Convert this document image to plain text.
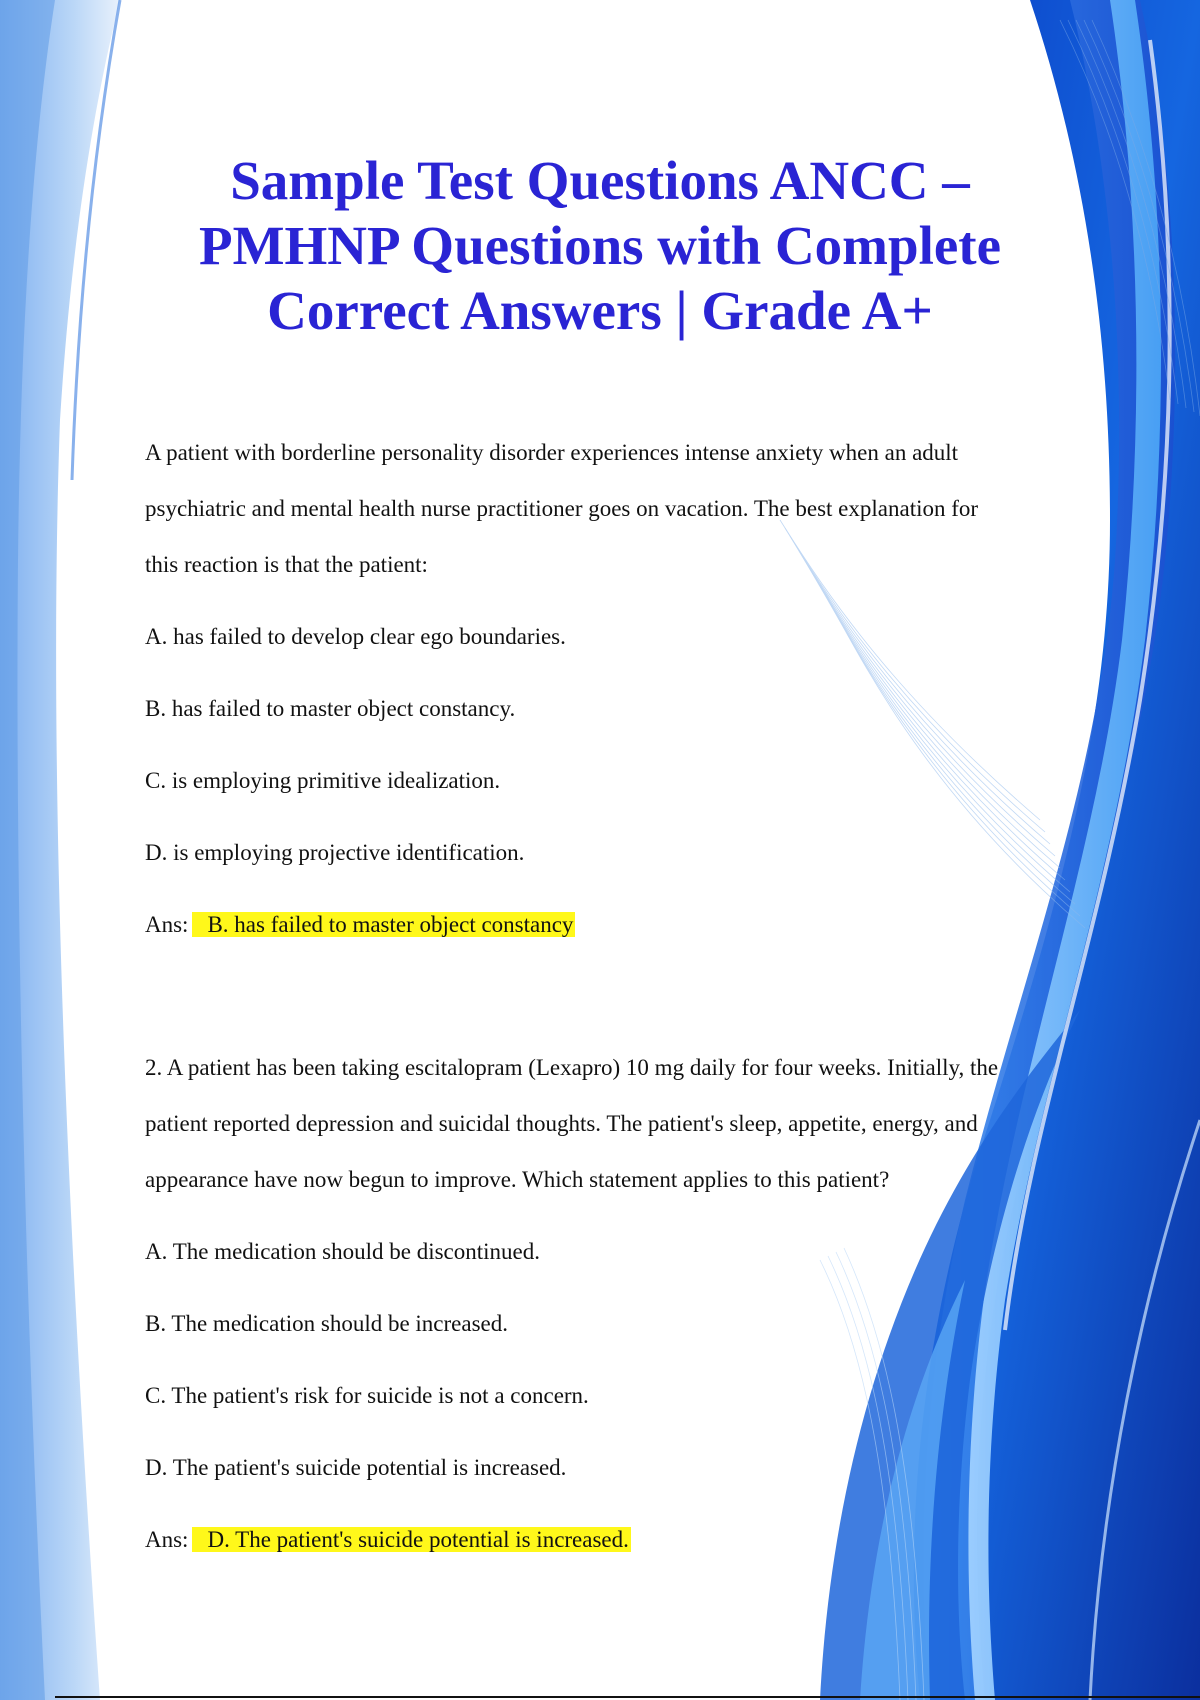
Sample Test Questions ANCC – PMHNP Questions with Complete Correct Answers | Grade A+

A patient with borderline personality disorder experiences intense anxiety when an adult

psychiatric and mental health nurse practitioner goes on vacation. The best explanation for

this reaction is that the patient:

A. has failed to develop clear ego boundaries.

B. has failed to master object constancy.

C. is employing primitive idealization.

D. is employing projective identification.

Ans: B. has failed to master object constancy

2. A patient has been taking escitalopram (Lexapro) 10 mg daily for four weeks. Initially, the

patient reported depression and suicidal thoughts. The patient's sleep, appetite, energy, and

appearance have now begun to improve. Which statement applies to this patient?

A. The medication should be discontinued.

B. The medication should be increased.

C. The patient's risk for suicide is not a concern.

D. The patient's suicide potential is increased.

Ans: D. The patient's suicide potential is increased.
